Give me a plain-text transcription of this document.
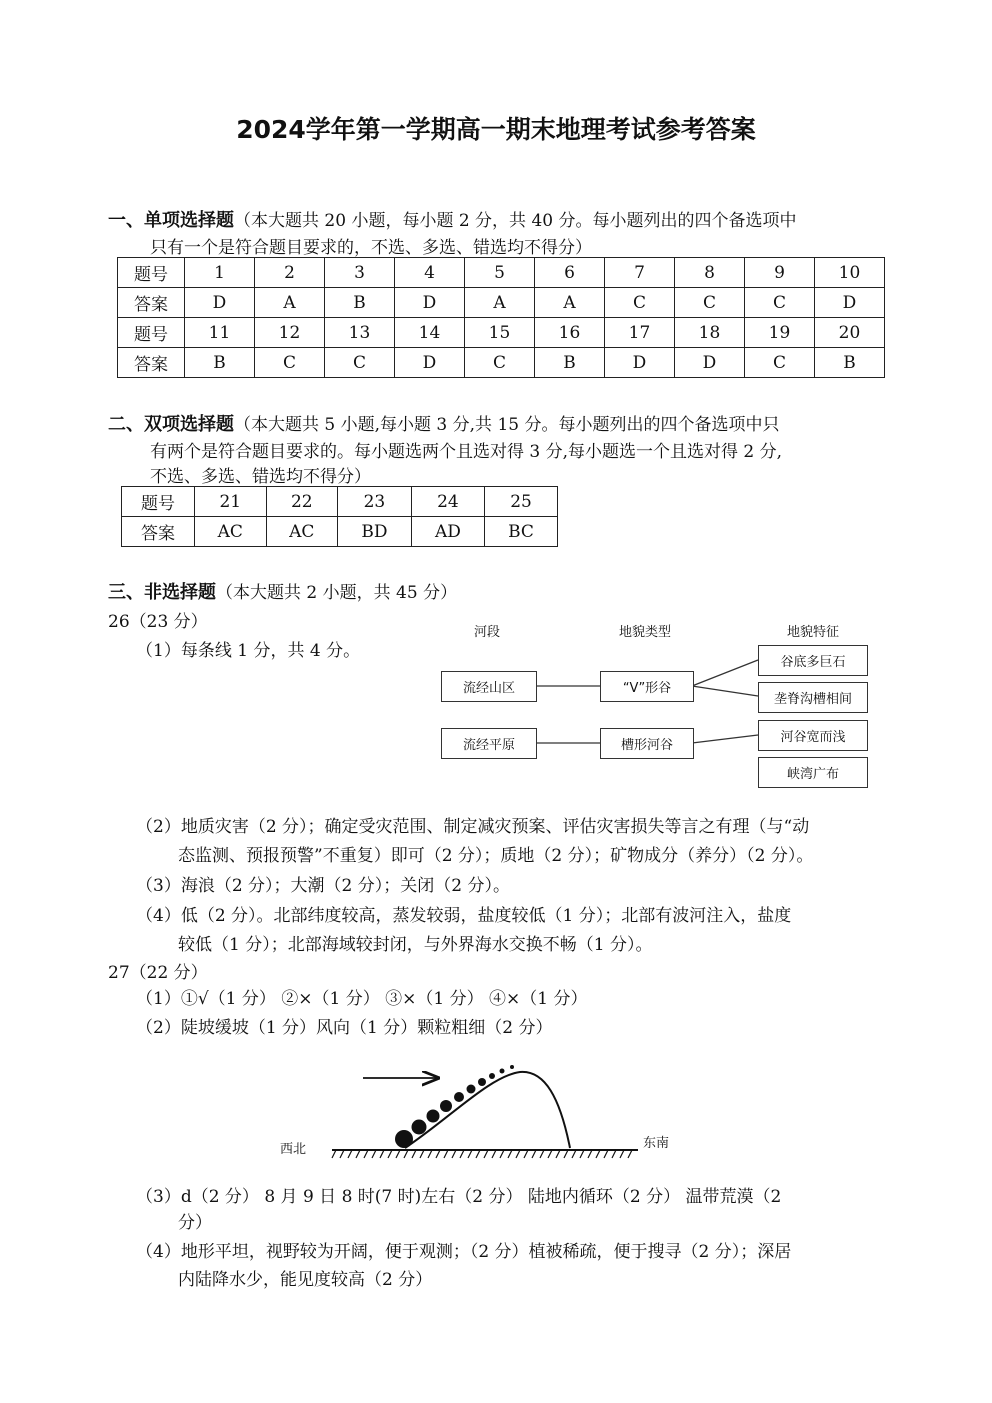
2024学年第一学期高一期末地理考试参考答案
一、单项选择题（本大题共 20 小题，每小题 2 分，共 40 分。每小题列出的四个备选项中
只有一个是符合题目要求的，不选、多选、错选均不得分）
题号	1	2	3	4	5	6	7	8	9	10
答案	D	A	B	D	A	A	C	C	C	D
题号	11	12	13	14	15	16	17	18	19	20
答案	B	C	C	D	C	B	D	D	C	B
二、双项选择题（本大题共 5 小题,每小题 3 分,共 15 分。每小题列出的四个备选项中只
有两个是符合题目要求的。每小题选两个且选对得 3 分,每小题选一个且选对得 2 分,
不选、多选、错选均不得分）
题号	21	22	23	24	25
答案	AC	AC	BD	AD	BC
三、非选择题（本大题共 2 小题，共 45 分）
26（23 分）
（1）每条线 1 分，共 4 分。
河段	地貌类型	地貌特征
流经山区
流经平原
“V”形谷
槽形河谷
谷底多巨石
垄脊沟槽相间
河谷宽而浅
峡湾广布
（2）地质灾害（2 分）；确定受灾范围、制定减灾预案、评估灾害损失等言之有理（与“动
态监测、预报预警”不重复）即可（2 分）；质地（2 分）；矿物成分（养分）（2 分）。
（3）海浪（2 分）；大潮（2 分）；关闭（2 分）。
（4）低（2 分）。北部纬度较高，蒸发较弱，盐度较低（1 分）；北部有波河注入，盐度
较低（1 分）；北部海域较封闭，与外界海水交换不畅（1 分）。
27（22 分）
（1）①√（1 分） ②×（1 分） ③×（1 分） ④×（1 分）
（2）陡坡缓坡（1 分）风向（1 分）颗粒粗细（2 分）
西北	东南
（3）d（2 分） 8 月 9 日 8 时(7 时)左右（2 分） 陆地内循环（2 分） 温带荒漠（2
分）
（4）地形平坦，视野较为开阔，便于观测；（2 分）植被稀疏，便于搜寻（2 分）；深居
内陆降水少，能见度较高（2 分）
